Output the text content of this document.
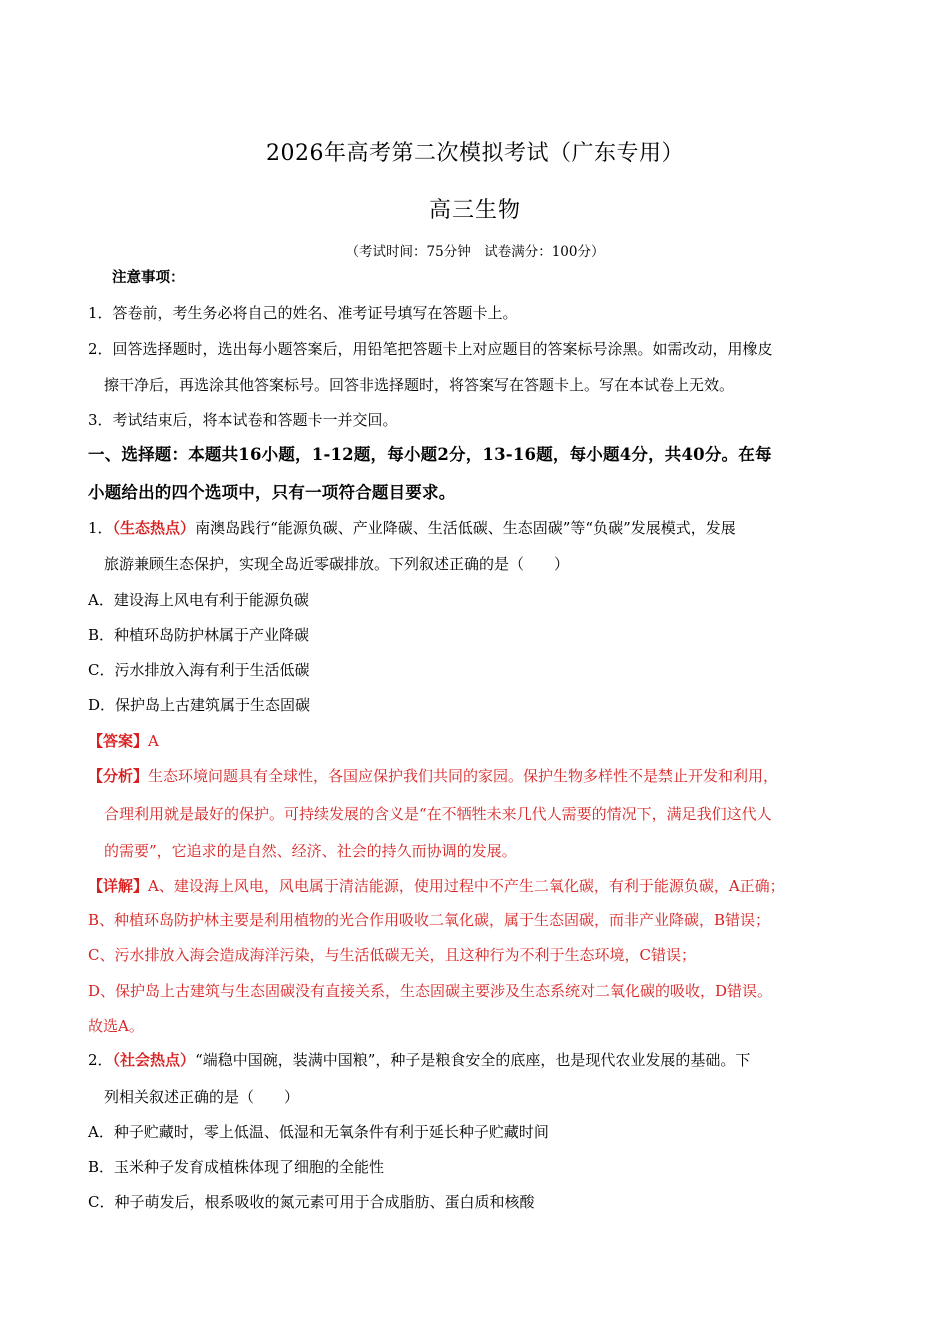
2026年高考第二次模拟考试（广东专用）
高三生物
（考试时间：75分钟　试卷满分：100分）
注意事项：
1．答卷前，考生务必将自己的姓名、准考证号填写在答题卡上。
2．回答选择题时，选出每小题答案后，用铅笔把答题卡上对应题目的答案标号涂黑。如需改动，用橡皮
擦干净后，再选涂其他答案标号。回答非选择题时，将答案写在答题卡上。写在本试卷上无效。
3．考试结束后，将本试卷和答题卡一并交回。
一、选择题：本题共16小题，1-12题，每小题2分，13-16题，每小题4分，共40分。在每
小题给出的四个选项中，只有一项符合题目要求。
1．（生态热点）南澳岛践行“能源负碳、产业降碳、生活低碳、生态固碳”等“负碳”发展模式，发展
旅游兼顾生态保护，实现全岛近零碳排放。下列叙述正确的是（　　）
A．建设海上风电有利于能源负碳
B．种植环岛防护林属于产业降碳
C．污水排放入海有利于生活低碳
D．保护岛上古建筑属于生态固碳
【答案】A
【分析】生态环境问题具有全球性，各国应保护我们共同的家园。保护生物多样性不是禁止开发和利用，
合理利用就是最好的保护。可持续发展的含义是“在不牺牲未来几代人需要的情况下，满足我们这代人
的需要”，它追求的是自然、经济、社会的持久而协调的发展。
【详解】A、建设海上风电，风电属于清洁能源，使用过程中不产生二氧化碳，有利于能源负碳，A正确；
B、种植环岛防护林主要是利用植物的光合作用吸收二氧化碳，属于生态固碳，而非产业降碳，B错误；
C、污水排放入海会造成海洋污染，与生活低碳无关，且这种行为不利于生态环境，C错误；
D、保护岛上古建筑与生态固碳没有直接关系，生态固碳主要涉及生态系统对二氧化碳的吸收，D错误。
故选A。
2．（社会热点）“端稳中国碗，装满中国粮”，种子是粮食安全的底座，也是现代农业发展的基础。下
列相关叙述正确的是（　　）
A．种子贮藏时，零上低温、低湿和无氧条件有利于延长种子贮藏时间
B．玉米种子发育成植株体现了细胞的全能性
C．种子萌发后，根系吸收的氮元素可用于合成脂肪、蛋白质和核酸
